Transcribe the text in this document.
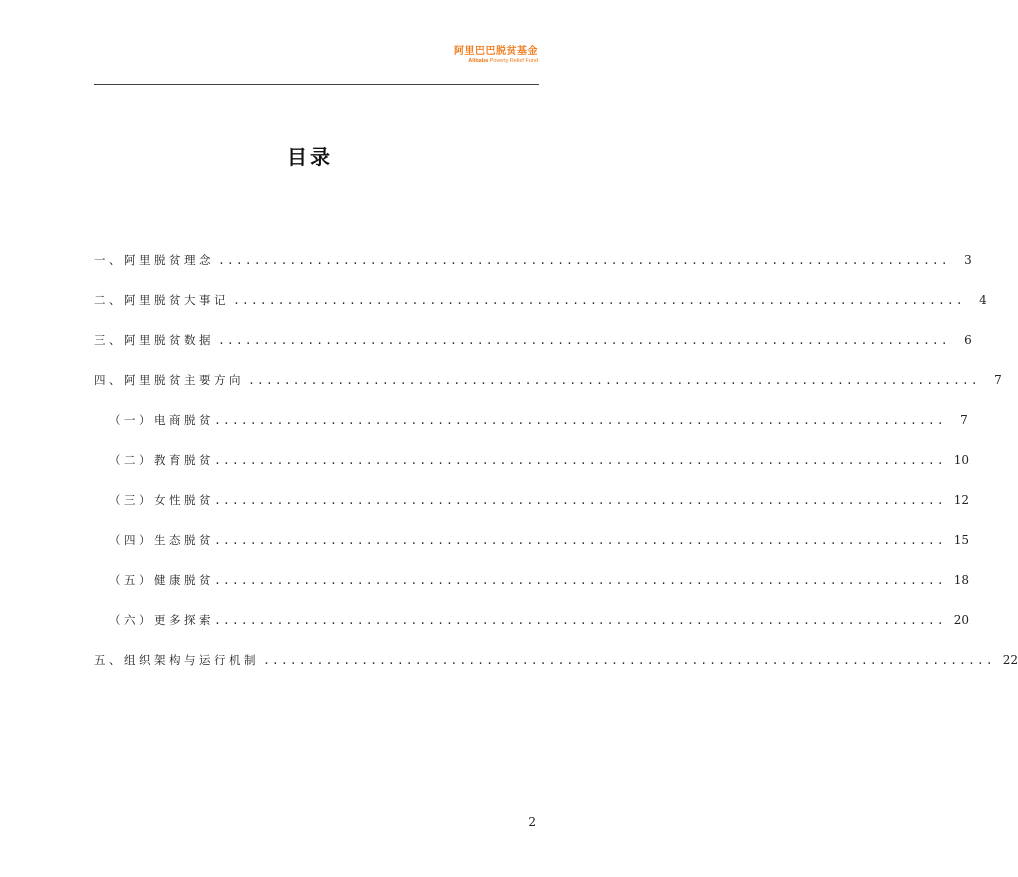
阿里巴巴脱贫基金
Alibaba Poverty Relief Fund
目录
一、阿里脱贫理念 ..................................................................................	3
二、阿里脱贫大事记 ..................................................................................	4
三、阿里脱贫数据 ..................................................................................	6
四、阿里脱贫主要方向 ..................................................................................	7
（一）电商脱贫 ..................................................................................	7
（二）教育脱贫 .................................................................................. 10
（三）女性脱贫 .................................................................................. 12
（四）生态脱贫 .................................................................................. 15
（五）健康脱贫 .................................................................................. 18
（六）更多探索 .................................................................................. 20
五、组织架构与运行机制 .................................................................................. 22
2
